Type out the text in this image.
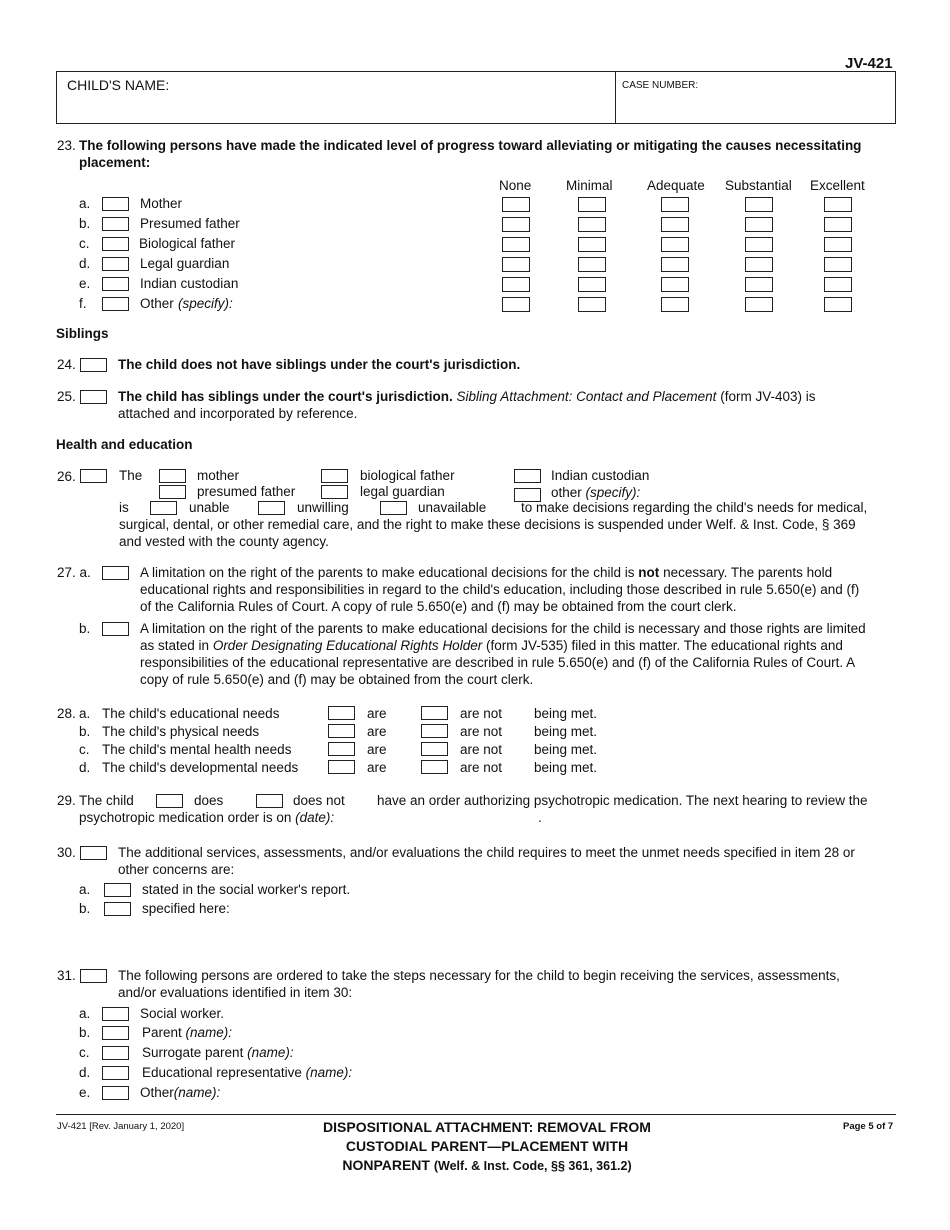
JV-421
CHILD'S NAME:	CASE NUMBER:
23. The following persons have made the indicated level of progress toward alleviating or mitigating the causes necessitating
placement:
None	Minimal	Adequate Substantial Excellent
a.	Mother
b.	Presumed father
c.	Biological father
d.	Legal guardian
e.	Indian custodian
f.	Other (specify):
Siblings
24.	The child does not have siblings under the court's jurisdiction.
25.	The child has siblings under the court's jurisdiction. Sibling Attachment: Contact and Placement (form JV-403) is
attached and incorporated by reference.
Health and education
26.	The	mother	biological father	Indian custodian
presumed father	legal guardian	other (specify):
is	unable	unwilling	unavailable	to make decisions regarding the child's needs for medical,
surgical, dental, or other remedial care, and the right to make these decisions is suspended under Welf. & Inst. Code, § 369
and vested with the county agency.
27. a.	A limitation on the right of the parents to make educational decisions for the child is not necessary. The parents hold
educational rights and responsibilities in regard to the child's education, including those described in rule 5.650(e) and (f)
of the California Rules of Court. A copy of rule 5.650(e) and (f) may be obtained from the court clerk.
b.	A limitation on the right of the parents to make educational decisions for the child is necessary and those rights are limited
as stated in Order Designating Educational Rights Holder (form JV-535) filed in this matter. The educational rights and
responsibilities of the educational representative are described in rule 5.650(e) and (f) of the California Rules of Court. A
copy of rule 5.650(e) and (f) may be obtained from the court clerk.
28. a. The child's educational needs	are	are not being met.
b. The child's physical needs	are	are not being met.
c. The child's mental health needs	are	are not being met.
d. The child's developmental needs	are	are not being met.
29. The child	does	does not have an order authorizing psychotropic medication. The next hearing to review the
psychotropic medication order is on (date):	.
30.	The additional services, assessments, and/or evaluations the child requires to meet the unmet needs specified in item 28 or
other concerns are:
a.	stated in the social worker's report.
b.	specified here:
31.	The following persons are ordered to take the steps necessary for the child to begin receiving the services, assessments,
and/or evaluations identified in item 30:
a.	Social worker.
b.	Parent (name):
c.	Surrogate parent (name):
d.	Educational representative (name):
e.	Other(name):
JV-421 [Rev. January 1, 2020]	DISPOSITIONAL ATTACHMENT: REMOVAL FROM
CUSTODIAL PARENT—PLACEMENT WITH
NONPARENT (Welf. & Inst. Code, §§ 361, 361.2)
Page 5 of 7
